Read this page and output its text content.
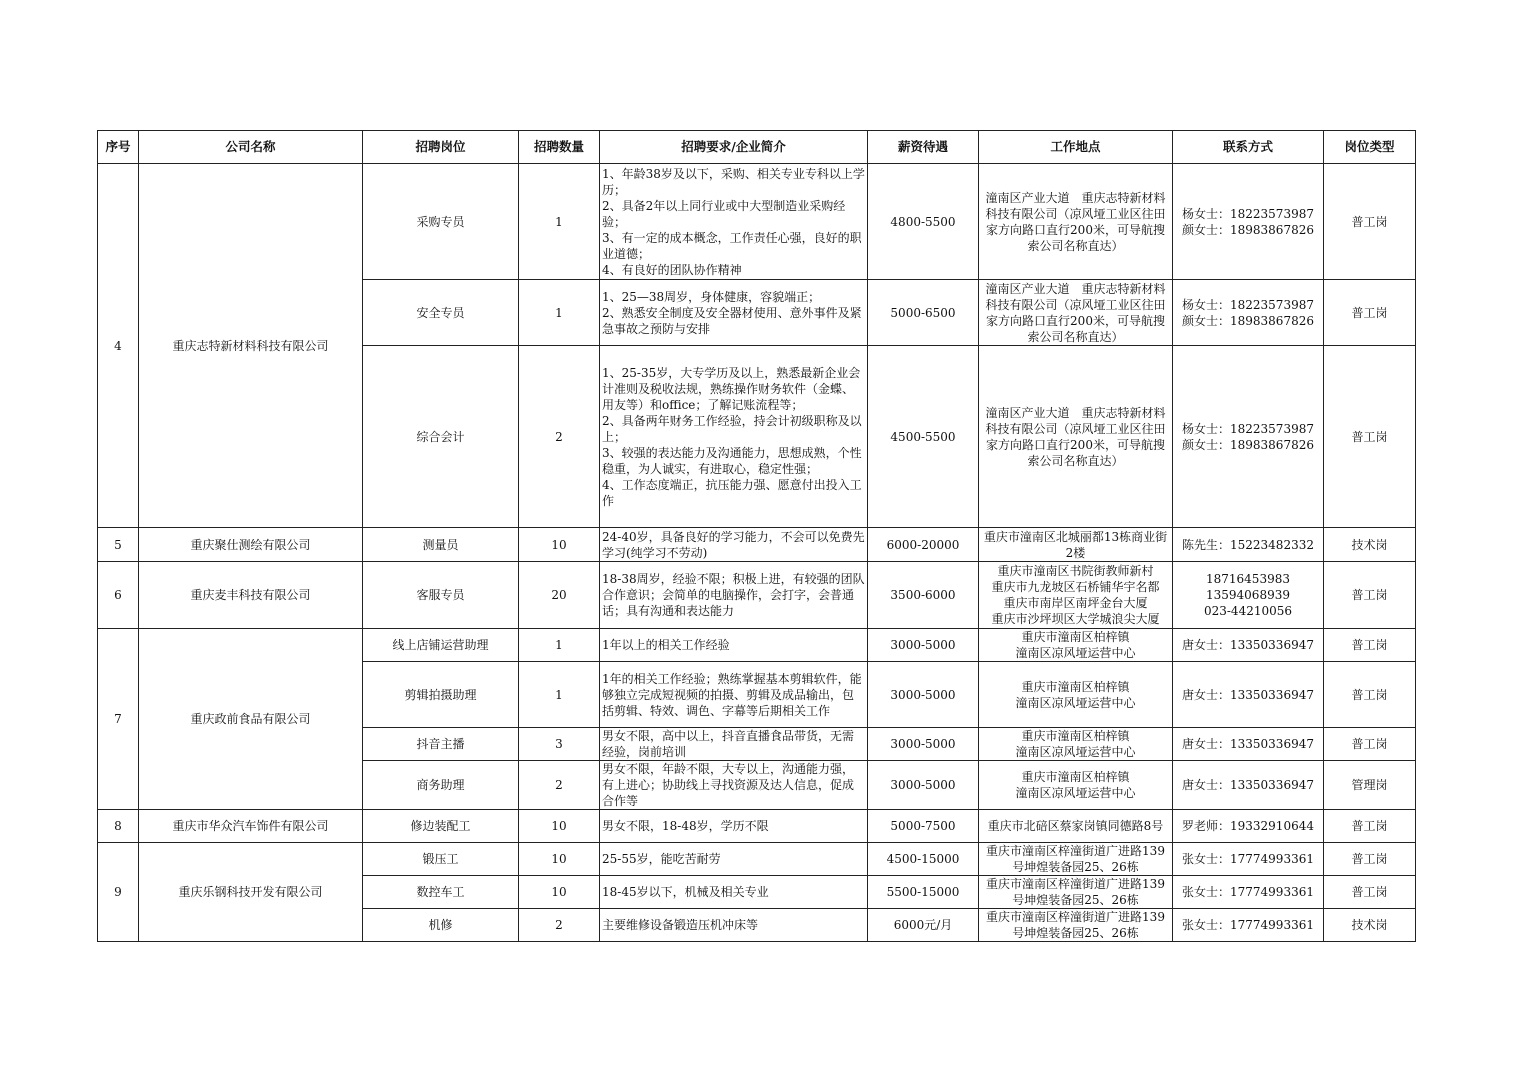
序号	公司名称	招聘岗位	招聘数量	招聘要求/企业简介	薪资待遇	工作地点	联系方式	岗位类型
4	重庆志特新材料科技有限公司	采购专员	1	1、年龄38岁及以下，采购、相关专业专科以上学历；
2、具备2年以上同行业或中大型制造业采购经验；
3、有一定的成本概念，工作责任心强，良好的职业道德；
4、有良好的团队协作精神	4800-5500	潼南区产业大道　重庆志特新材料科技有限公司（凉风垭工业区往田家方向路口直行200米，可导航搜索公司名称直达）	杨女士：18223573987
颜女士：18983867826	普工岗
		安全专员	1	1、25—38周岁，身体健康，容貌端正；
2、熟悉安全制度及安全器材使用、意外事件及紧急事故之预防与安排	5000-6500	潼南区产业大道　重庆志特新材料科技有限公司（凉风垭工业区往田家方向路口直行200米，可导航搜索公司名称直达）	杨女士：18223573987
颜女士：18983867826	普工岗
		综合会计	2	1、25-35岁，大专学历及以上，熟悉最新企业会计准则及税收法规，熟练操作财务软件（金蝶、用友等）和office；了解记账流程等；
2、具备两年财务工作经验，持会计初级职称及以上；
3、较强的表达能力及沟通能力，思想成熟，个性稳重，为人诚实，有进取心，稳定性强；
4、工作态度端正，抗压能力强、愿意付出投入工作	4500-5500	潼南区产业大道　重庆志特新材料科技有限公司（凉风垭工业区往田家方向路口直行200米，可导航搜索公司名称直达）	杨女士：18223573987
颜女士：18983867826	普工岗
5	重庆聚仕测绘有限公司	测量员	10	24-40岁，具备良好的学习能力，不会可以免费先学习(纯学习不劳动)	6000-20000	重庆市潼南区北城丽都13栋商业街2楼	陈先生：15223482332	技术岗
6	重庆麦丰科技有限公司	客服专员	20	18-38周岁，经验不限；积极上进，有较强的团队合作意识；会简单的电脑操作，会打字，会普通话；具有沟通和表达能力	3500-6000	重庆市潼南区书院街教师新村
重庆市九龙坡区石桥铺华宇名都
重庆市南岸区南坪金台大厦
重庆市沙坪坝区大学城浪尖大厦	18716453983
13594068939
023-44210056	普工岗
7	重庆政前食品有限公司	线上店铺运营助理	1	1年以上的相关工作经验	3000-5000	重庆市潼南区柏梓镇
潼南区凉风垭运营中心	唐女士：13350336947	普工岗
		剪辑拍摄助理	1	1年的相关工作经验；熟练掌握基本剪辑软件，能够独立完成短视频的拍摄、剪辑及成品输出，包括剪辑、特效、调色、字幕等后期相关工作	3000-5000	重庆市潼南区柏梓镇
潼南区凉风垭运营中心	唐女士：13350336947	普工岗
		抖音主播	3	男女不限，高中以上，抖音直播食品带货，无需经验，岗前培训	3000-5000	重庆市潼南区柏梓镇
潼南区凉风垭运营中心	唐女士：13350336947	普工岗
		商务助理	2	男女不限，年龄不限，大专以上，沟通能力强，有上进心；协助线上寻找资源及达人信息，促成合作等	3000-5000	重庆市潼南区柏梓镇
潼南区凉风垭运营中心	唐女士：13350336947	管理岗
8	重庆市华众汽车饰件有限公司	修边装配工	10	男女不限，18-48岁，学历不限	5000-7500	重庆市北碚区蔡家岗镇同德路8号	罗老师：19332910644	普工岗
9	重庆乐钢科技开发有限公司	锻压工	10	25-55岁，能吃苦耐劳	4500-15000	重庆市潼南区梓潼街道广进路139号坤煌装备园25、26栋	张女士：17774993361	普工岗
		数控车工	10	18-45岁以下，机械及相关专业	5500-15000	重庆市潼南区梓潼街道广进路139号坤煌装备园25、26栋	张女士：17774993361	普工岗
		机修	2	主要维修设备锻造压机冲床等	6000元/月	重庆市潼南区梓潼街道广进路139号坤煌装备园25、26栋	张女士：17774993361	技术岗
